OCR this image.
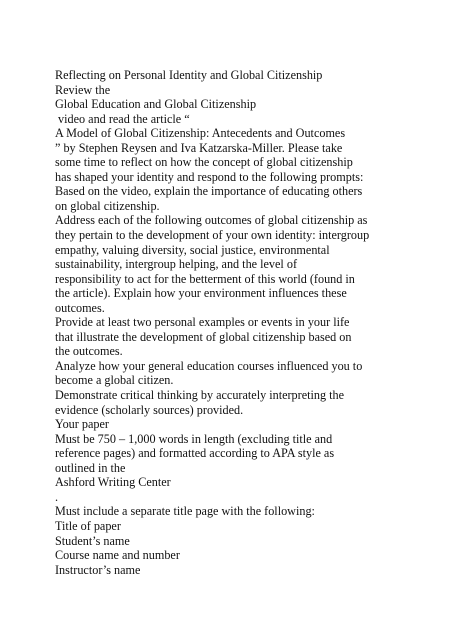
Reflecting on Personal Identity and Global Citizenship
Review the
Global Education and Global Citizenship
video and read the article “
A Model of Global Citizenship: Antecedents and Outcomes
” by Stephen Reysen and Iva Katzarska-Miller. Please take
some time to reflect on how the concept of global citizenship
has shaped your identity and respond to the following prompts:
Based on the video, explain the importance of educating others
on global citizenship.
Address each of the following outcomes of global citizenship as
they pertain to the development of your own identity: intergroup
empathy, valuing diversity, social justice, environmental
sustainability, intergroup helping, and the level of
responsibility to act for the betterment of this world (found in
the article). Explain how your environment influences these
outcomes.
Provide at least two personal examples or events in your life
that illustrate the development of global citizenship based on
the outcomes.
Analyze how your general education courses influenced you to
become a global citizen.
Demonstrate critical thinking by accurately interpreting the
evidence (scholarly sources) provided.
Your paper
Must be 750 – 1,000 words in length (excluding title and
reference pages) and formatted according to APA style as
outlined in the
Ashford Writing Center
.
Must include a separate title page with the following:
Title of paper
Student’s name
Course name and number
Instructor’s name
